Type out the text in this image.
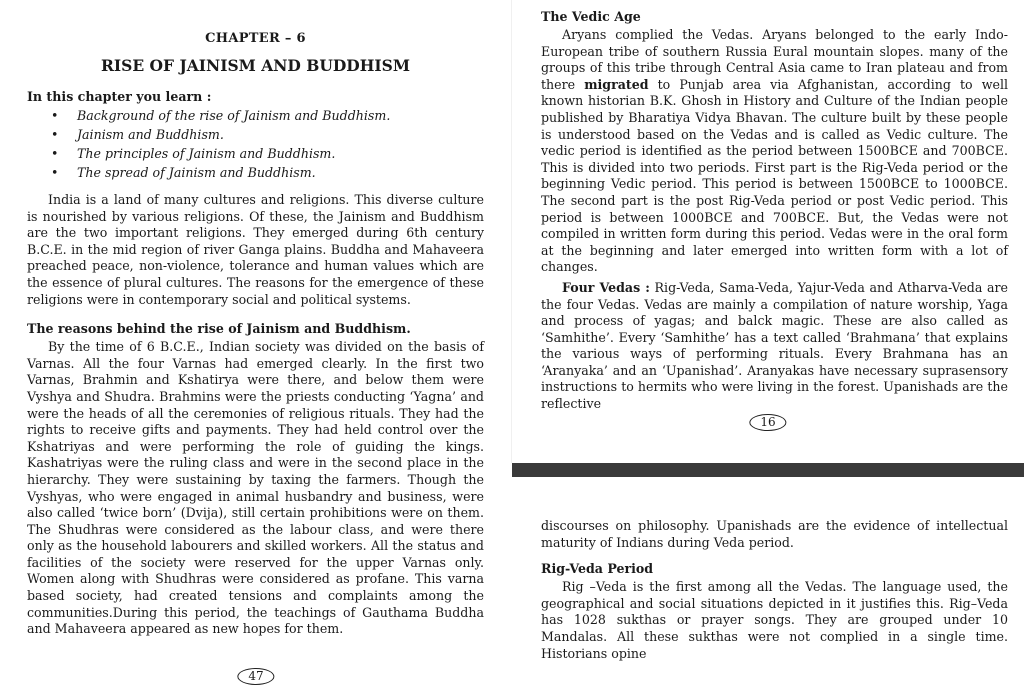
CHAPTER – 6
RISE OF JAINISM AND BUDDHISM
In this chapter you learn :
• Background of the rise of Jainism and Buddhism.
• Jainism and Buddhism.
• The principles of Jainism and Buddhism.
• The spread of Jainism and Buddhism.

India is a land of many cultures and religions. This diverse culture is nourished by various religions. Of these, the Jainism and Buddhism are the two important religions. They emerged during 6th century B.C.E. in the mid region of river Ganga plains. Buddha and Mahaveera preached peace, non-violence, tolerance and human values which are the essence of plural cultures. The reasons for the emergence of these religions were in contemporary social and political systems.

The reasons behind the rise of Jainism and Buddhism.

By the time of 6 B.C.E., Indian society was divided on the basis of Varnas. All the four Varnas had emerged clearly. In the first two Varnas, Brahmin and Kshatirya were there, and below them were Vyshya and Shudra. Brahmins were the priests conducting ‘Yagna’ and were the heads of all the ceremonies of religious rituals. They had the rights to receive gifts and payments. They had held control over the Kshatriyas and were performing the role of guiding the kings. Kashatriyas were the ruling class and were in the second place in the hierarchy. They were sustaining by taxing the farmers. Though the Vyshyas, who were engaged in animal husbandry and business, were also called ‘twice born’ (Dvija), still certain prohibitions were on them. The Shudhras were considered as the labour class, and were there only as the household labourers and skilled workers. All the status and facilities of the society were reserved for the upper Varnas only. Women along with Shudhras were considered as profane. This varna based society, had created tensions and complaints among the communities.During this period, the teachings of Gauthama Buddha and Mahaveera appeared as new hopes for them.

47
The Vedic Age

Aryans complied the Vedas. Aryans belonged to the early Indo-European tribe of southern Russia Eural mountain slopes. many of the groups of this tribe through Central Asia came to Iran plateau and from there migrated to Punjab area via Afghanistan, according to well known historian B.K. Ghosh in History and Culture of the Indian people published by Bharatiya Vidya Bhavan. The culture built by these people is understood based on the Vedas and is called as Vedic culture. The vedic period is identified as the period between 1500BCE and 700BCE. This is divided into two periods. First part is the Rig-Veda period or the beginning Vedic period. This period is between 1500BCE to 1000BCE. The second part is the post Rig-Veda period or post Vedic period. This period is between 1000BCE and 700BCE. But, the Vedas were not compiled in written form during this period. Vedas were in the oral form at the beginning and later emerged into written form with a lot of changes.

Four Vedas : Rig-Veda, Sama-Veda, Yajur-Veda and Atharva-Veda are the four Vedas. Vedas are mainly a compilation of nature worship, Yaga and process of yagas; and balck magic. These are also called as ‘Samhithe’. Every ‘Samhithe’ has a text called ‘Brahmana’ that explains the various ways of performing rituals. Every Brahmana has an ‘Aranyaka’ and an ‘Upanishad’. Aranyakas have necessary suprasensory instructions to hermits who were living in the forest. Upanishads are the reflective

16

discourses on philosophy. Upanishads are the evidence of intellectual maturity of Indians during Veda period.

Rig-Veda Period

Rig –Veda is the first among all the Vedas. The language used, the geographical and social situations depicted in it justifies this. Rig–Veda has 1028 sukthas or prayer songs. They are grouped under 10 Mandalas. All these sukthas were not complied in a single time. Historians opine
